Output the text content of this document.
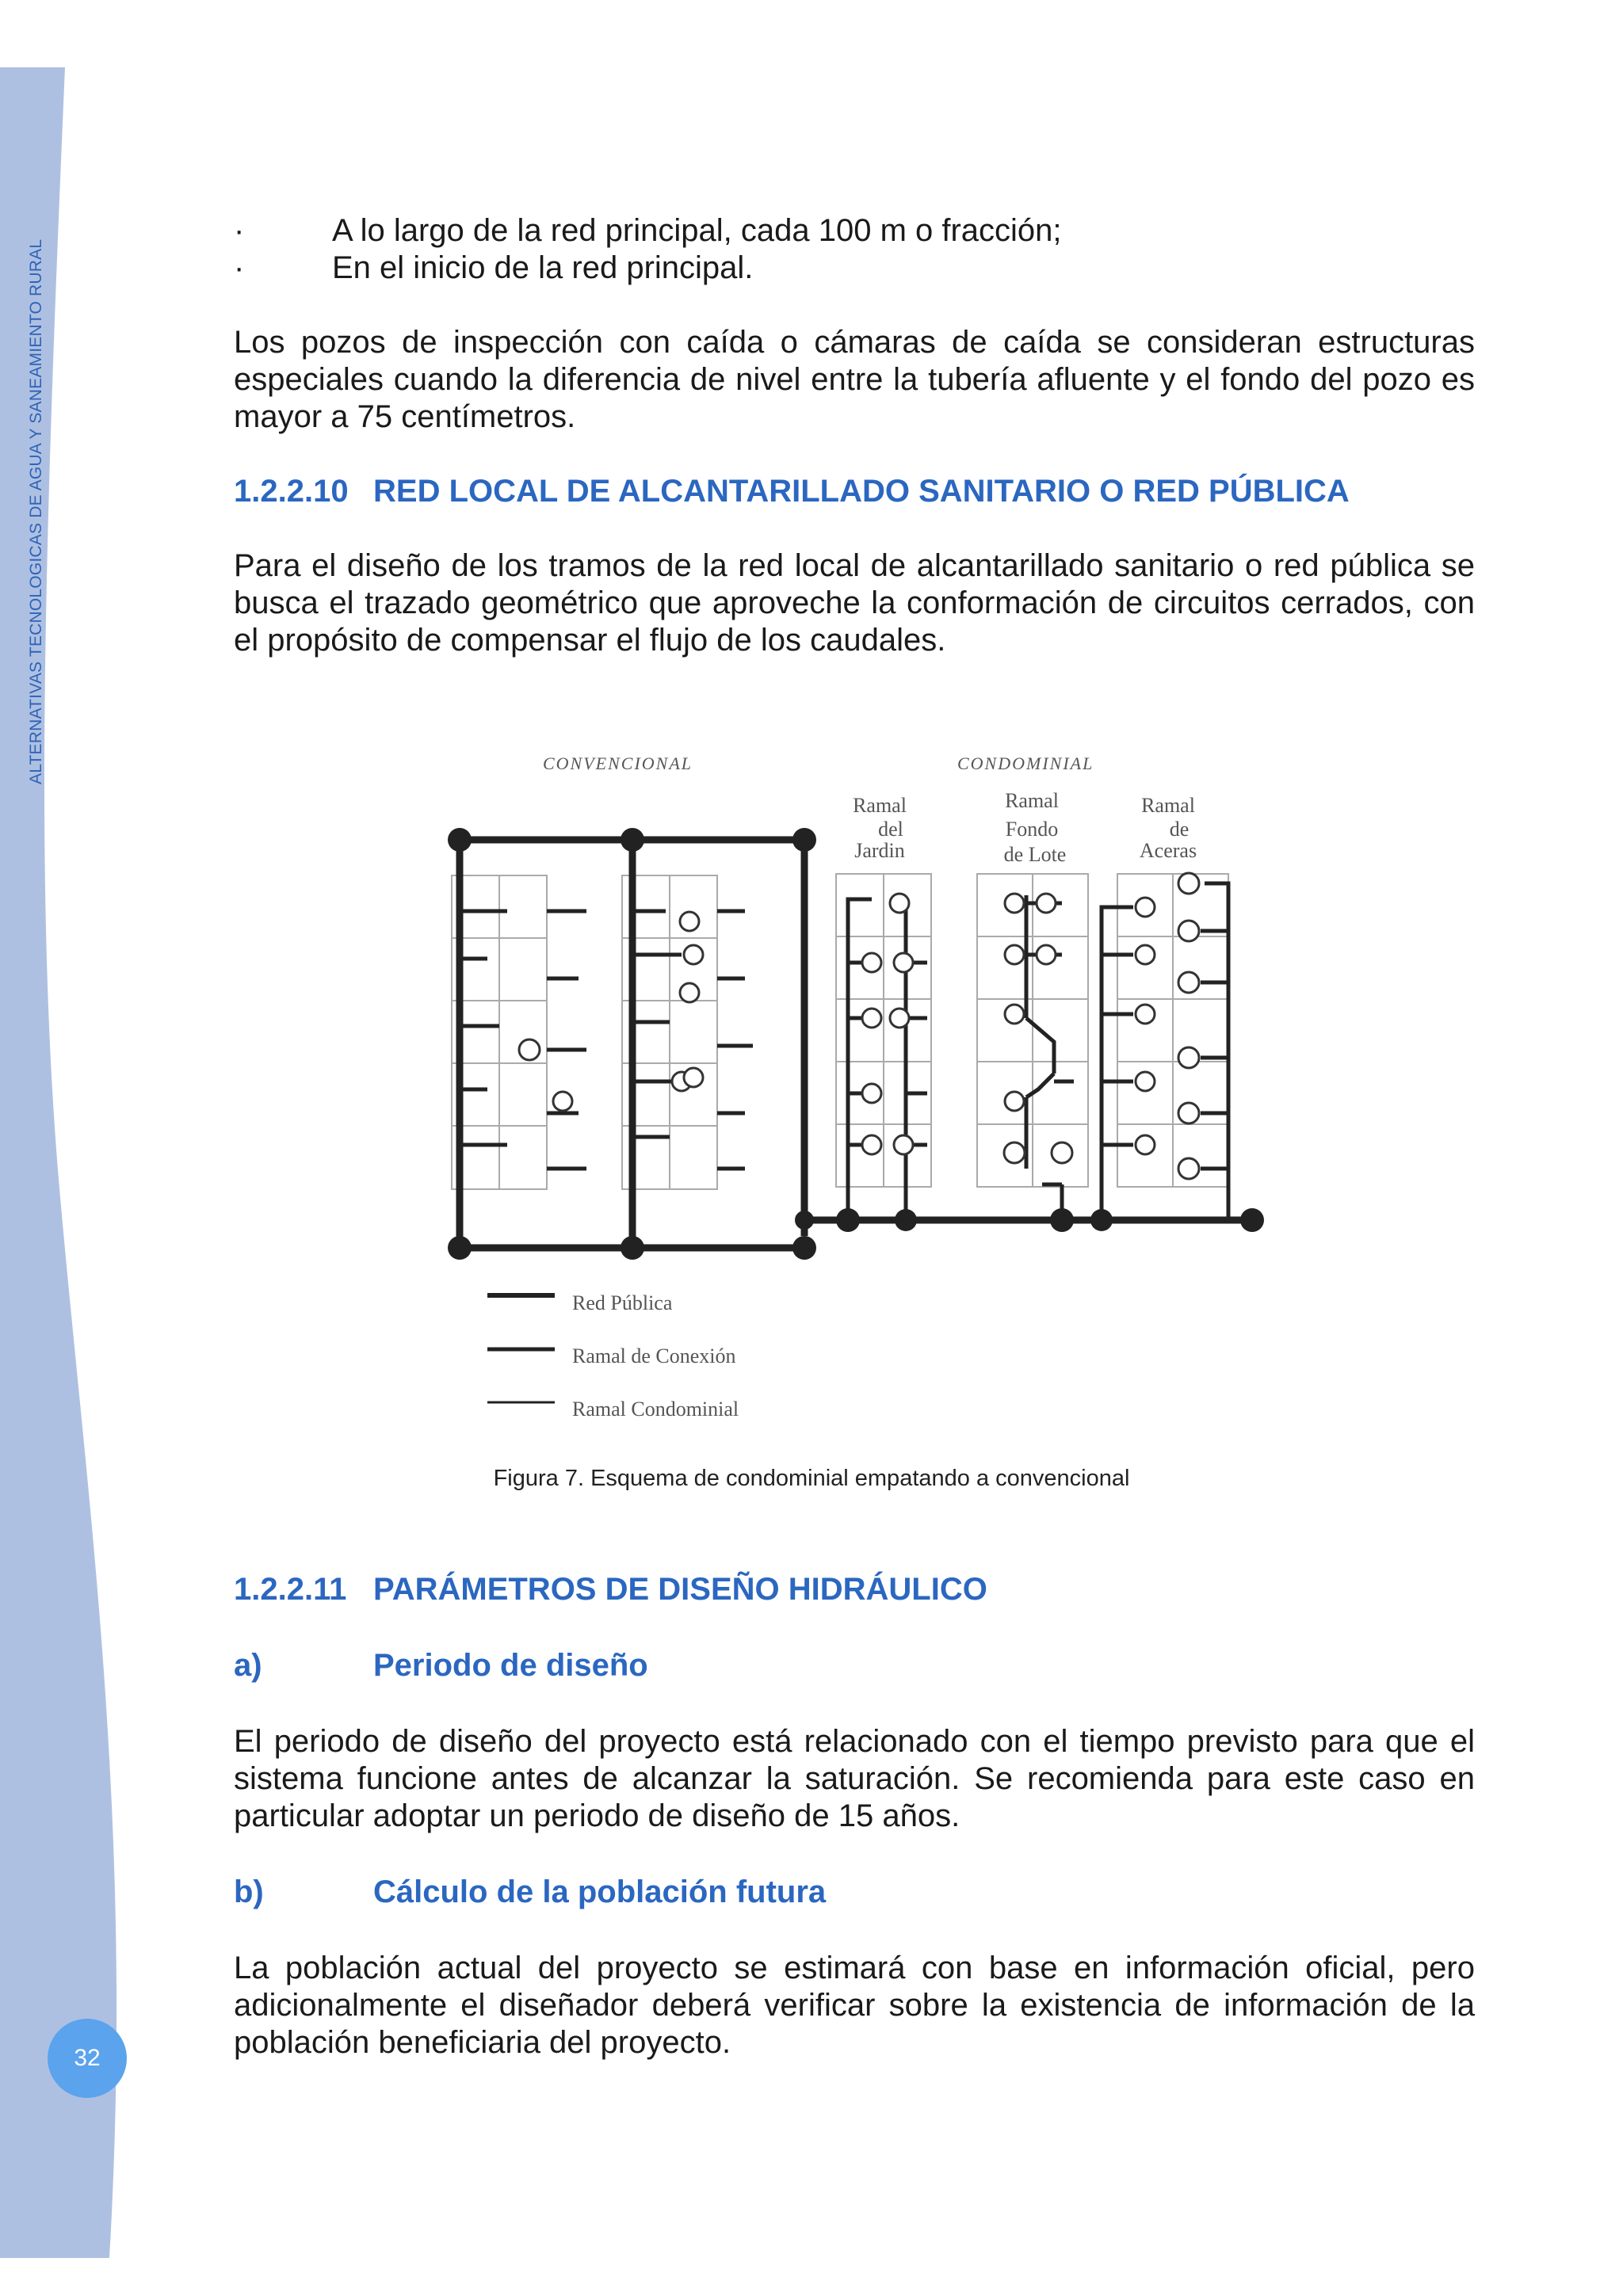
ALTERNATIVAS TECNOLOGICAS DE AGUA Y SANEAMIENTO RURAL
32
·	A lo largo de la red principal, cada 100 m o fracción;
·	En el inicio de la red principal.

Los pozos de inspección con caída o cámaras de caída se consideran estructuras especiales cuando la diferencia de nivel entre la tubería afluente y el fondo del pozo es mayor a 75 centímetros.

1.2.2.10 RED LOCAL DE ALCANTARILLADO SANITARIO O RED PÚBLICA

Para el diseño de los tramos de la red local de alcantarillado sanitario o red pública se busca el trazado geométrico que aproveche la conformación de circuitos cerrados, con el propósito de compensar el flujo de los caudales.

CONVENCIONAL	CONDOMINIAL
Ramal
del
Jardin
Ramal
Fondo
de Lote
Ramal
de
Aceras
Red Pública
Ramal de Conexión
Ramal Condominial
Figura 7. Esquema de condominial empatando a convencional
1.2.2.11 PARÁMETROS DE DISEÑO HIDRÁULICO
a)	Periodo de diseño

El periodo de diseño del proyecto está relacionado con el tiempo previsto para que el sistema funcione antes de alcanzar la saturación. Se recomienda para este caso en particular adoptar un periodo de diseño de 15 años.

b)	Cálculo de la población futura

La población actual del proyecto se estimará con base en información oficial, pero adicionalmente el diseñador deberá verificar sobre la existencia de información de la población beneficiaria del proyecto.
